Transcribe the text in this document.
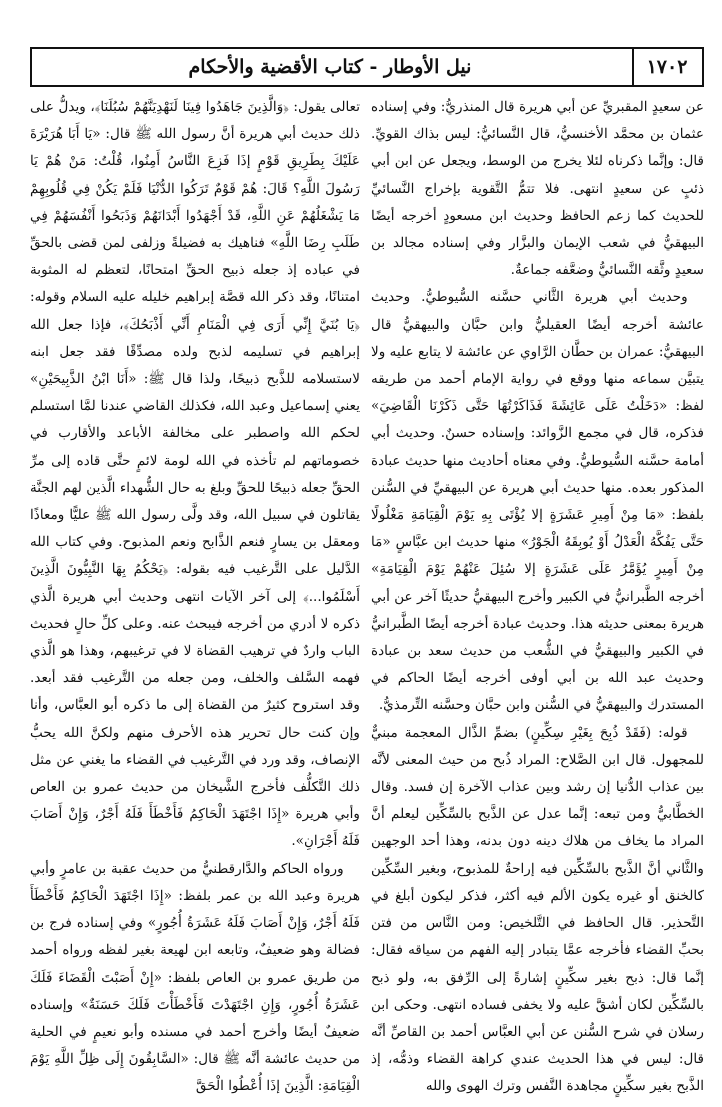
١٧٠٢
نيل الأوطار - كتاب الأقضية والأحكام

عن سعيدٍ المقبريِّ عن أبي هريرة قال المنذريُّ: وفي إسناده عثمان بن محمَّد الأخنسيُّ، قال النَّسائيُّ: ليس بذاك القويِّ. قال: وإنَّما ذكرناه لئلا يخرج من الوسط، ويجعل عن ابن أبي ذئبٍ عن سعيدٍ انتهى. فلا تتمُّ التَّقوية بإخراج النَّسائيِّ للحديث كما زعم الحافظ وحديث ابن مسعودٍ أخرجه أيضًا البيهقيُّ في شعب الإيمان والبزَّار وفي إسناده مجالد بن سعيدٍ وثَّقه النَّسائيُّ وضعَّفه جماعةٌ.

وحديث أبي هريرة الثَّاني حسَّنه السُّيوطيُّ. وحديث عائشة أخرجه أيضًا العقيليُّ وابن حبَّان والبيهقيُّ قال البيهقيُّ: عمران بن حطَّان الرَّاوي عن عائشة لا يتابع عليه ولا يتبيَّن سماعه منها ووقع في رواية الإمام أحمد من طريقه لفظ: «دَخَلْتُ عَلَى عَائِشَةَ فَذَاكَرْتُهَا حَتَّى ذَكَرْنَا الْقَاضِيَ» فذكره، قال في مجمع الزَّوائد: وإسناده حسنٌ. وحديث أبي أمامة حسَّنه السُّيوطيُّ. وفي معناه أحاديث منها حديث عبادة المذكور بعده. منها حديث أبي هريرة عن البيهقيِّ في السُّنن بلفظ: «مَا مِنْ أَمِيرِ عَشَرَةٍ إلا يُؤْتَى بِهِ يَوْمَ الْقِيَامَةِ مَغْلُولًا حَتَّى يَفُكَّهُ الْعَدْلُ أَوْ يُوبِقَهُ الْجَوْرُ» منها حديث ابن عبَّاسٍ «مَا مِنْ أَمِيرٍ يُؤَمَّرُ عَلَى عَشَرَةٍ إلا سُئِلَ عَنْهُمْ يَوْمَ الْقِيَامَةِ» أخرجه الطَّبرانيُّ في الكبير وأخرج البيهقيُّ حديثًا آخر عن أبي هريرة بمعنى حديثه هذا. وحديث عبادة أخرجه أيضًا الطَّبرانيُّ في الكبير والبيهقيُّ في الشُّعب من حديث سعد بن عبادة وحديث عبد الله بن أبي أوفى أخرجه أيضًا الحاكم في المستدرك والبيهقيُّ في السُّنن وابن حبَّان وحسَّنه التِّرمذيُّ.

قوله: (فَقَدْ ذُبِحَ بِغَيْرِ سِكِّينٍ) بضمِّ الذَّال المعجمة مبنيٌّ للمجهول. قال ابن الصَّلاح: المراد ذُبح من حيث المعنى لأنَّه بين عذاب الدُّنيا إن رشد وبين عذاب الآخرة إن فسد. وقال الخطَّابيُّ ومن تبعه: إنَّما عدل عن الذَّبح بالسِّكِّين ليعلم أنَّ المراد ما يخاف من هلاك دينه دون بدنه، وهذا أحد الوجهين والثَّاني أنَّ الذَّبح بالسِّكِّين فيه إراحةٌ للمذبوح، وبغير السِّكِّين كالخنق أو غيره يكون الألم فيه أكثر، فذكر ليكون أبلغ في التَّحذير. قال الحافظ في التَّلخيص: ومن النَّاس من فتن بحبِّ القضاء فأخرجه عمَّا يتبادر إليه الفهم من سياقه فقال: إنَّما قال: ذبح بغير سكِّينٍ إشارةً إلى الرِّفق به، ولو ذبح بالسِّكِّين لكان أشقَّ عليه ولا يخفى فساده انتهى. وحكى ابن رسلان في شرح السُّنن عن أبي العبَّاس أحمد بن القاصِّ أنَّه قال: ليس في هذا الحديث عندي كراهة القضاء وذمُّه، إذ الذَّبح بغير سكِّينٍ مجاهدة النَّفس وترك الهوى والله

تعالى يقول: ﴿وَالَّذِينَ جَاهَدُوا فِينَا لَنَهْدِيَنَّهُمْ سُبُلَنَا﴾، ويدلُّ على ذلك حديث أبي هريرة أنَّ رسول الله ﷺ قال: «يَا أَبَا هُرَيْرَةَ عَلَيْكَ بِطَرِيقِ قَوْمٍ إذَا فَزِعَ النَّاسُ أَمِنُوا، قُلْتُ: مَنْ هُمْ يَا رَسُولَ اللَّهِ؟ قَالَ: هُمْ قَوْمٌ تَرَكُوا الدُّنْيَا فَلَمْ يَكُنْ فِي قُلُوبِهِمْ مَا يَشْغَلُهُمْ عَنِ اللَّهِ، قَدْ أَجْهَدُوا أَبْدَانَهُمْ وَذَبَحُوا أَنْفُسَهُمْ فِي طَلَبِ رِضَا اللَّهِ» فناهيك به فضيلةً وزلفى لمن قضى بالحقِّ في عباده إذ جعله ذبيح الحقِّ امتحانًا، لتعظم له المثوبة امتنانًا، وقد ذكر الله قصَّة إبراهيم خليله عليه السلام وقوله: ﴿يَا بُنَيَّ إِنِّي أَرَى فِي الْمَنَامِ أَنِّي أَذْبَحُكَ﴾، فإذا جعل الله إبراهيم في تسليمه لذبح ولده مصدِّقًا فقد جعل ابنه لاستسلامه للذَّبح ذبيحًا، ولذا قال ﷺ: «أَنَا ابْنُ الذَّبِيحَيْنِ» يعني إسماعيل وعبد الله، فكذلك القاضي عندنا لمَّا استسلم لحكم الله واصطبر على مخالفة الأباعد والأقارب في خصوماتهم لم تأخذه في الله لومة لائمٍ حتَّى قاده إلى مرِّ الحقِّ جعله ذبيحًا للحقِّ وبلغ به حال الشُّهداء الَّذين لهم الجنَّة يقاتلون في سبيل الله، وقد ولَّى رسول الله ﷺ عليًّا ومعاذًا ومعقل بن يسارٍ فنعم الذَّابح ونعم المذبوح. وفي كتاب الله الدَّليل على التَّرغيب فيه بقوله: ﴿يَحْكُمُ بِهَا النَّبِيُّونَ الَّذِينَ أَسْلَمُوا...﴾ إلى آخر الآيات انتهى وحديث أبي هريرة الَّذي ذكره لا أدري من أخرجه فيبحث عنه. وعلى كلِّ حالٍ فحديث الباب واردٌ في ترهيب القضاة لا في ترغيبهم، وهذا هو الَّذي فهمه السَّلف والخلف، ومن جعله من التَّرغيب فقد أبعد. وقد استروح كثيرٌ من القضاة إلى ما ذكره أبو العبَّاس، وأنا وإن كنت حال تحرير هذه الأحرف منهم ولكنَّ الله يحبُّ الإنصاف، وقد ورد في التَّرغيب في القضاء ما يغني عن مثل ذلك التَّكلُّف فأخرج الشَّيخان من حديث عمرو بن العاص وأبي هريرة «إِذَا اجْتَهَدَ الْحَاكِمُ فَأَخْطَأَ فَلَهُ أَجْرٌ، وَإِنْ أَصَابَ فَلَهُ أَجْرَانِ».

ورواه الحاكم والدَّارقطنيُّ من حديث عقبة بن عامرٍ وأبي هريرة وعبد الله بن عمر بلفظ: «إِذَا اجْتَهَدَ الْحَاكِمُ فَأَخْطَأَ فَلَهُ أَجْرٌ، وَإِنْ أَصَابَ فَلَهُ عَشَرَةُ أُجُورٍ» وفي إسناده فرج بن فضالة وهو ضعيفٌ، وتابعه ابن لهيعة بغير لفظه ورواه أحمد من طريق عمرو بن العاص بلفظ: «إِنْ أَصَبْتَ الْقَضَاءَ فَلَكَ عَشَرَةُ أُجُورٍ، وَإِنِ اجْتَهَدْتَ فَأَخْطَأْتَ فَلَكَ حَسَنَةٌ» وإسناده ضعيفٌ أيضًا وأخرج أحمد في مسنده وأبو نعيمٍ في الحلية من حديث عائشة أنَّه ﷺ قال: «السَّابِقُونَ إِلَى ظِلِّ اللَّهِ يَوْمَ الْقِيَامَةِ: الَّذِينَ إذَا أُعْطُوا الْحَقَّ
